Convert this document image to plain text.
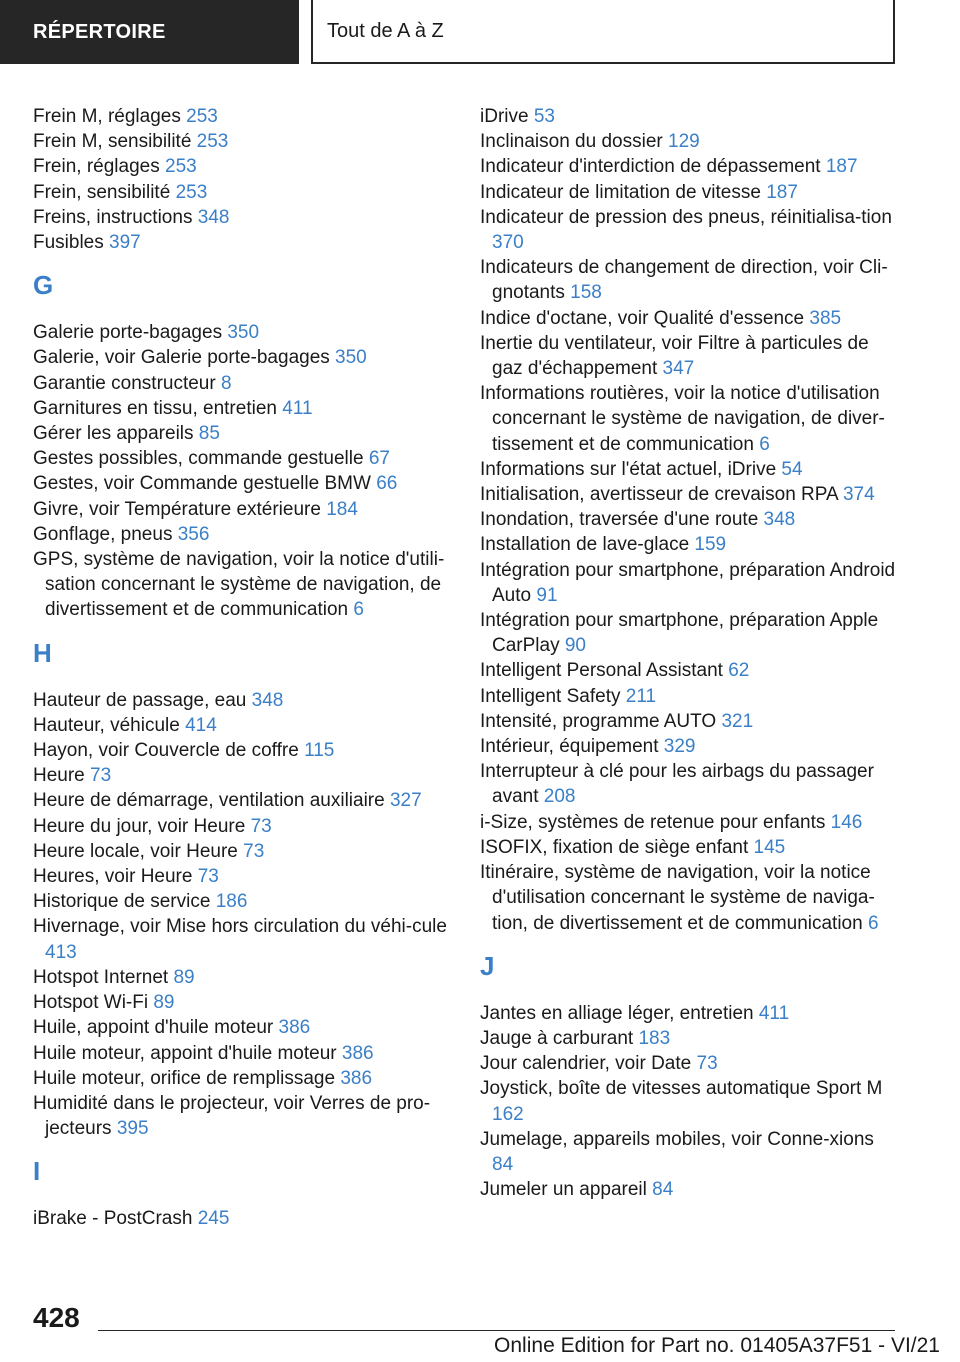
RÉPERTOIRE	Tout de A à Z
Frein M, réglages 253
Frein M, sensibilité 253
Frein, réglages 253
Frein, sensibilité 253
Freins, instructions 348
Fusibles 397
G
Galerie porte-bagages 350
Galerie, voir Galerie porte-bagages 350
Garantie constructeur 8
Garnitures en tissu, entretien 411
Gérer les appareils 85
Gestes possibles, commande gestuelle 67
Gestes, voir Commande gestuelle BMW 66
Givre, voir Température extérieure 184
Gonflage, pneus 356
GPS, système de navigation, voir la notice d'utili-sation concernant le système de navigation, de divertissement et de communication 6
H
Hauteur de passage, eau 348
Hauteur, véhicule 414
Hayon, voir Couvercle de coffre 115
Heure 73
Heure de démarrage, ventilation auxiliaire 327
Heure du jour, voir Heure 73
Heure locale, voir Heure 73
Heures, voir Heure 73
Historique de service 186
Hivernage, voir Mise hors circulation du véhi-cule 413
Hotspot Internet 89
Hotspot Wi-Fi 89
Huile, appoint d'huile moteur 386
Huile moteur, appoint d'huile moteur 386
Huile moteur, orifice de remplissage 386
Humidité dans le projecteur, voir Verres de pro-jecteurs 395
I
iBrake - PostCrash 245
iDrive 53
Inclinaison du dossier 129
Indicateur d'interdiction de dépassement 187
Indicateur de limitation de vitesse 187
Indicateur de pression des pneus, réinitialisa-tion 370
Indicateurs de changement de direction, voir Cli-gnotants 158
Indice d'octane, voir Qualité d'essence 385
Inertie du ventilateur, voir Filtre à particules de gaz d'échappement 347
Informations routières, voir la notice d'utilisation concernant le système de navigation, de diver-tissement et de communication 6
Informations sur l'état actuel, iDrive 54
Initialisation, avertisseur de crevaison RPA 374
Inondation, traversée d'une route 348
Installation de lave-glace 159
Intégration pour smartphone, préparation Android Auto 91
Intégration pour smartphone, préparation Apple CarPlay 90
Intelligent Personal Assistant 62
Intelligent Safety 211
Intensité, programme AUTO 321
Intérieur, équipement 329
Interrupteur à clé pour les airbags du passager avant 208
i-Size, systèmes de retenue pour enfants 146
ISOFIX, fixation de siège enfant 145
Itinéraire, système de navigation, voir la notice d'utilisation concernant le système de naviga-tion, de divertissement et de communication 6
J
Jantes en alliage léger, entretien 411
Jauge à carburant 183
Jour calendrier, voir Date 73
Joystick, boîte de vitesses automatique Sport M 162
Jumelage, appareils mobiles, voir Conne-xions 84
Jumeler un appareil 84
428
Online Edition for Part no. 01405A37F51 - VI/21
